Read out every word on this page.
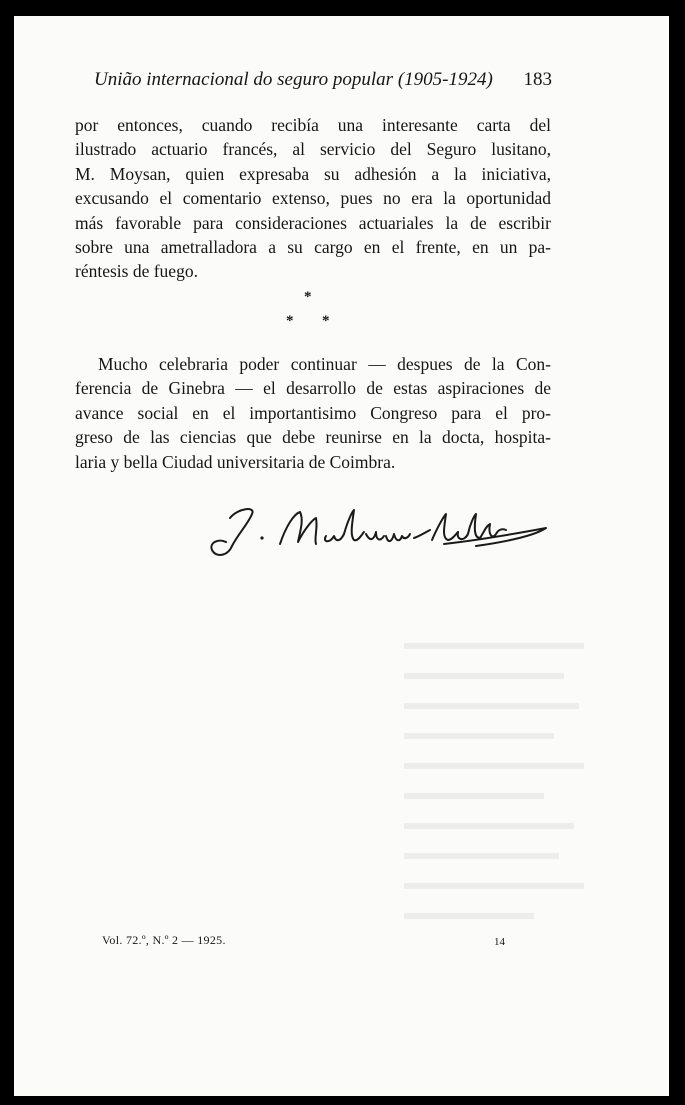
União internacional do seguro popular (1905-1924) 183

por entonces, cuando recibía una interesante carta del
ilustrado actuario francés, al servicio del Seguro lusitano,
M. Moysan, quien expresaba su adhesión a la iniciativa,
excusando el comentario extenso, pues no era la oportunidad
más favorable para consideraciones actuariales la de escribir
sobre una ametralladora a su cargo en el frente, en un pa-
réntesis de fuego.

*
* *

Mucho celebraria poder continuar — despues de la Con-
ferencia de Ginebra — el desarrollo de estas aspiraciones de
avance social en el importantisimo Congreso para el pro-
greso de las ciencias que debe reunirse en la docta, hospita-
laria y bella Ciudad universitaria de Coimbra.

Vol. 72.º, N.º 2 — 1925.	14
